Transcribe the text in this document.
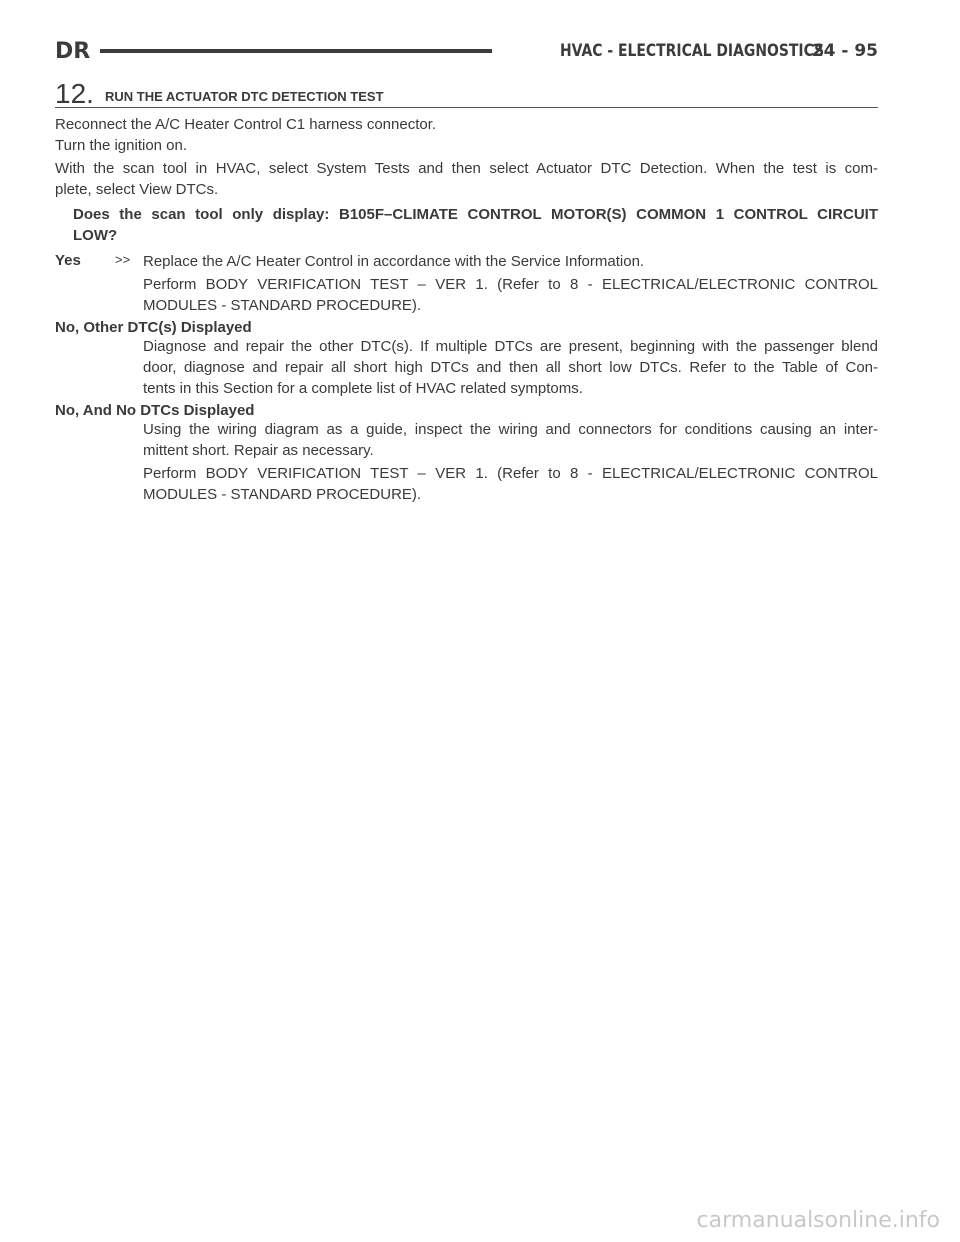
DR	HVAC - ELECTRICAL DIAGNOSTICS
24 - 95
12. RUN THE ACTUATOR DTC DETECTION TEST
Reconnect the A/C Heater Control C1 harness connector.
Turn the ignition on.
With the scan tool in HVAC, select System Tests and then select Actuator DTC Detection. When the test is com-
plete, select View DTCs.
Does the scan tool only display: B105F–CLIMATE CONTROL MOTOR(S) COMMON 1 CONTROL CIRCUIT
LOW?
Yes	>> Replace the A/C Heater Control in accordance with the Service Information.
Perform BODY VERIFICATION TEST – VER 1. (Refer to 8 - ELECTRICAL/ELECTRONIC CONTROL
MODULES - STANDARD PROCEDURE).
No, Other DTC(s) Displayed
Diagnose and repair the other DTC(s). If multiple DTCs are present, beginning with the passenger blend
door, diagnose and repair all short high DTCs and then all short low DTCs. Refer to the Table of Con-
tents in this Section for a complete list of HVAC related symptoms.
No, And No DTCs Displayed
Using the wiring diagram as a guide, inspect the wiring and connectors for conditions causing an inter-
mittent short. Repair as necessary.
Perform BODY VERIFICATION TEST – VER 1. (Refer to 8 - ELECTRICAL/ELECTRONIC CONTROL
MODULES - STANDARD PROCEDURE).
carmanualsonline.info
